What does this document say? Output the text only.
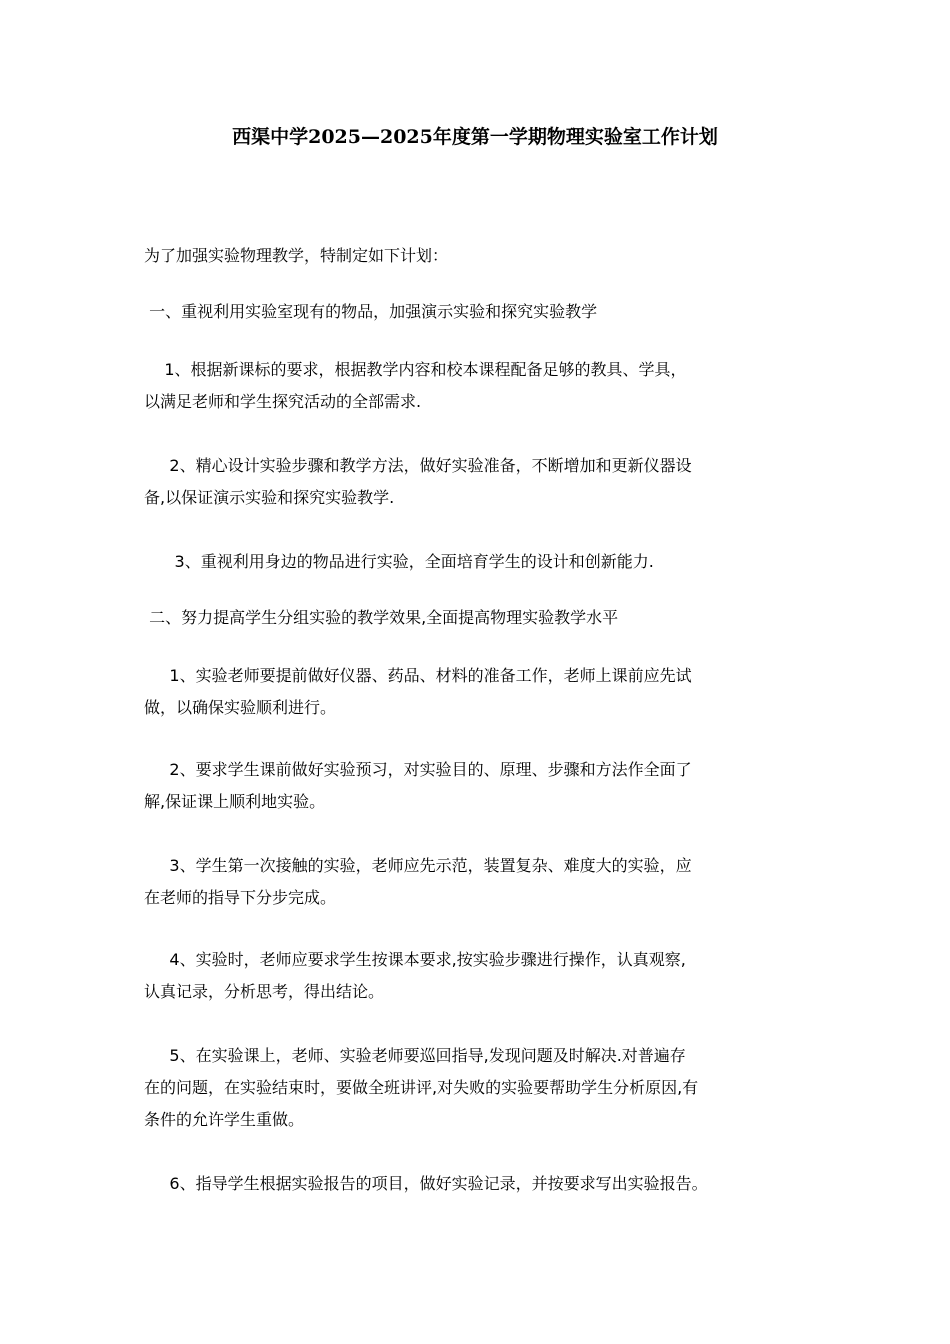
西渠中学2025—2025年度第一学期物理实验室工作计划

为了加强实验物理教学，特制定如下计划：

一、重视利用实验室现有的物品，加强演示实验和探究实验教学

1、根据新课标的要求，根据教学内容和校本课程配备足够的教具、学具，
以满足老师和学生探究活动的全部需求.

2、精心设计实验步骤和教学方法，做好实验准备，不断增加和更新仪器设
备,以保证演示实验和探究实验教学.

3、重视利用身边的物品进行实验，全面培育学生的设计和创新能力.

二、努力提高学生分组实验的教学效果,全面提高物理实验教学水平

1、实验老师要提前做好仪器、药品、材料的准备工作，老师上课前应先试
做，以确保实验顺利进行。

2、要求学生课前做好实验预习，对实验目的、原理、步骤和方法作全面了
解,保证课上顺利地实验。

3、学生第一次接触的实验，老师应先示范，装置复杂、难度大的实验，应
在老师的指导下分步完成。

4、实验时，老师应要求学生按课本要求,按实验步骤进行操作，认真观察,
认真记录，分析思考，得出结论。

5、在实验课上，老师、实验老师要巡回指导,发现问题及时解决.对普遍存
在的问题，在实验结束时，要做全班讲评,对失败的实验要帮助学生分析原因,有
条件的允许学生重做。

6、指导学生根据实验报告的项目，做好实验记录，并按要求写出实验报告。
